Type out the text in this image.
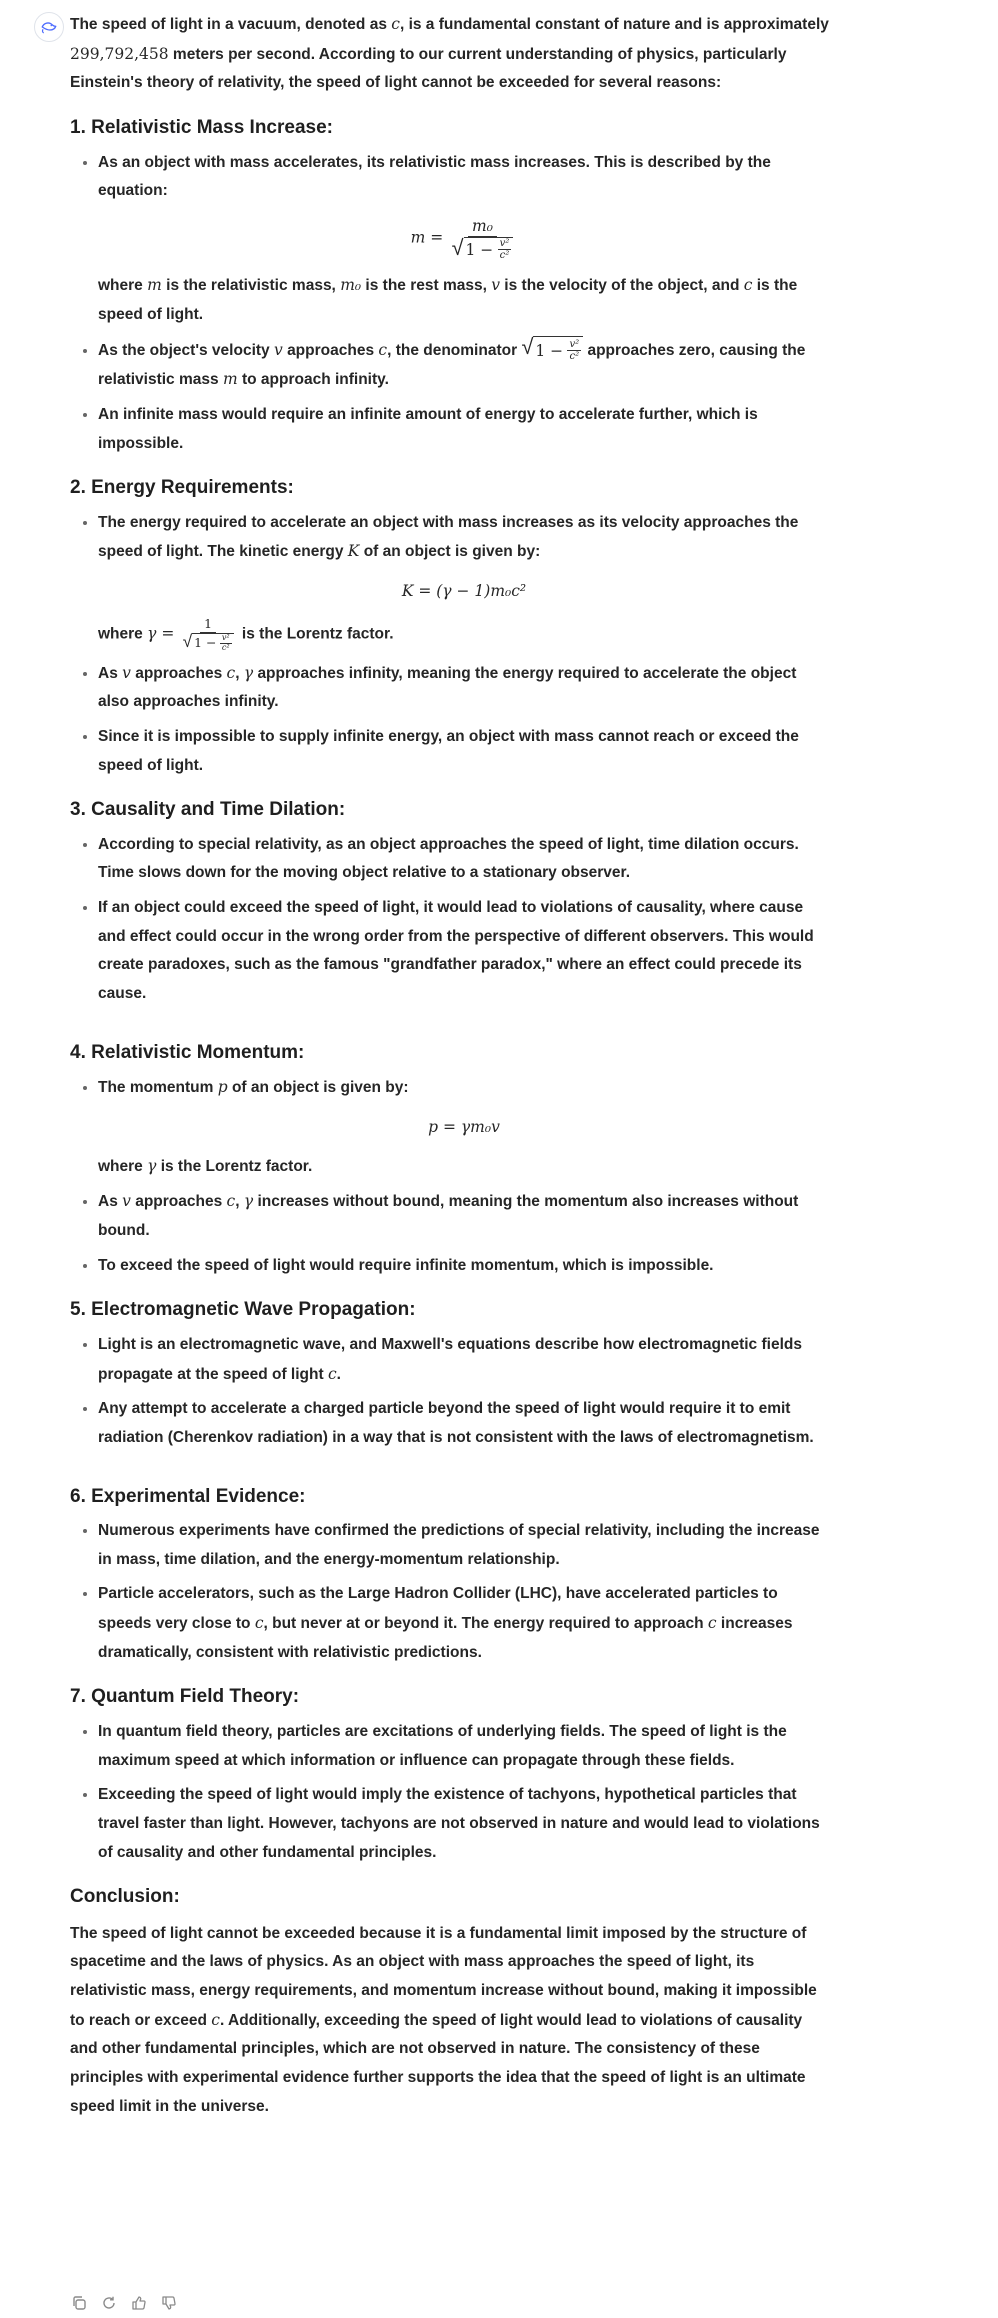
The speed of light in a vacuum, denoted as c, is a fundamental constant of nature and is approximately 299,792,458 meters per second. According to our current understanding of physics, particularly Einstein's theory of relativity, the speed of light cannot be exceeded for several reasons:

1. Relativistic Mass Increase:
• As an object with mass accelerates, its relativistic mass increases. This is described by the equation:
m =
m₀
√ 1 −
$\frac{\text{v²}}{\text{c²}}$
where m is the relativistic mass, m₀ is the rest mass, v is the velocity of the object, and c is the speed of light.
• As the object's velocity v approaches c, the denominator √ 1 −
$\frac{\text{v²}}{\text{c²}}$ approaches zero, causing the relativistic mass m to approach infinity.
• An infinite mass would require an infinite amount of energy to accelerate further, which is impossible.
2. Energy Requirements:
• The energy required to accelerate an object with mass increases as its velocity approaches the speed of light. The kinetic energy K of an object is given by:
K = (γ − 1)m₀c²
where γ =
1
√ 1 −
$\frac{\text{v²}}{\text{c²}}$
is the Lorentz factor.
• As v approaches c, γ approaches infinity, meaning the energy required to accelerate the object also approaches infinity.
• Since it is impossible to supply infinite energy, an object with mass cannot reach or exceed the speed of light.
3. Causality and Time Dilation:
• According to special relativity, as an object approaches the speed of light, time dilation occurs. Time slows down for the moving object relative to a stationary observer.
• If an object could exceed the speed of light, it would lead to violations of causality, where cause and effect could occur in the wrong order from the perspective of different observers. This would create paradoxes, such as the famous "grandfather paradox," where an effect could precede its cause.
4. Relativistic Momentum:
• The momentum p of an object is given by:
p = γm₀v
where γ is the Lorentz factor.
• As v approaches c, γ increases without bound, meaning the momentum also increases without bound.
• To exceed the speed of light would require infinite momentum, which is impossible.
5. Electromagnetic Wave Propagation:
• Light is an electromagnetic wave, and Maxwell's equations describe how electromagnetic fields propagate at the speed of light c.
• Any attempt to accelerate a charged particle beyond the speed of light would require it to emit radiation (Cherenkov radiation) in a way that is not consistent with the laws of electromagnetism.
6. Experimental Evidence:
• Numerous experiments have confirmed the predictions of special relativity, including the increase in mass, time dilation, and the energy-momentum relationship.
• Particle accelerators, such as the Large Hadron Collider (LHC), have accelerated particles to speeds very close to c, but never at or beyond it. The energy required to approach c increases dramatically, consistent with relativistic predictions.
7. Quantum Field Theory:
• In quantum field theory, particles are excitations of underlying fields. The speed of light is the maximum speed at which information or influence can propagate through these fields.
• Exceeding the speed of light would imply the existence of tachyons, hypothetical particles that travel faster than light. However, tachyons are not observed in nature and would lead to violations of causality and other fundamental principles.
Conclusion:

The speed of light cannot be exceeded because it is a fundamental limit imposed by the structure of spacetime and the laws of physics. As an object with mass approaches the speed of light, its relativistic mass, energy requirements, and momentum increase without bound, making it impossible to reach or exceed c. Additionally, exceeding the speed of light would lead to violations of causality and other fundamental principles, which are not observed in nature. The consistency of these principles with experimental evidence further supports the idea that the speed of light is an ultimate speed limit in the universe.
